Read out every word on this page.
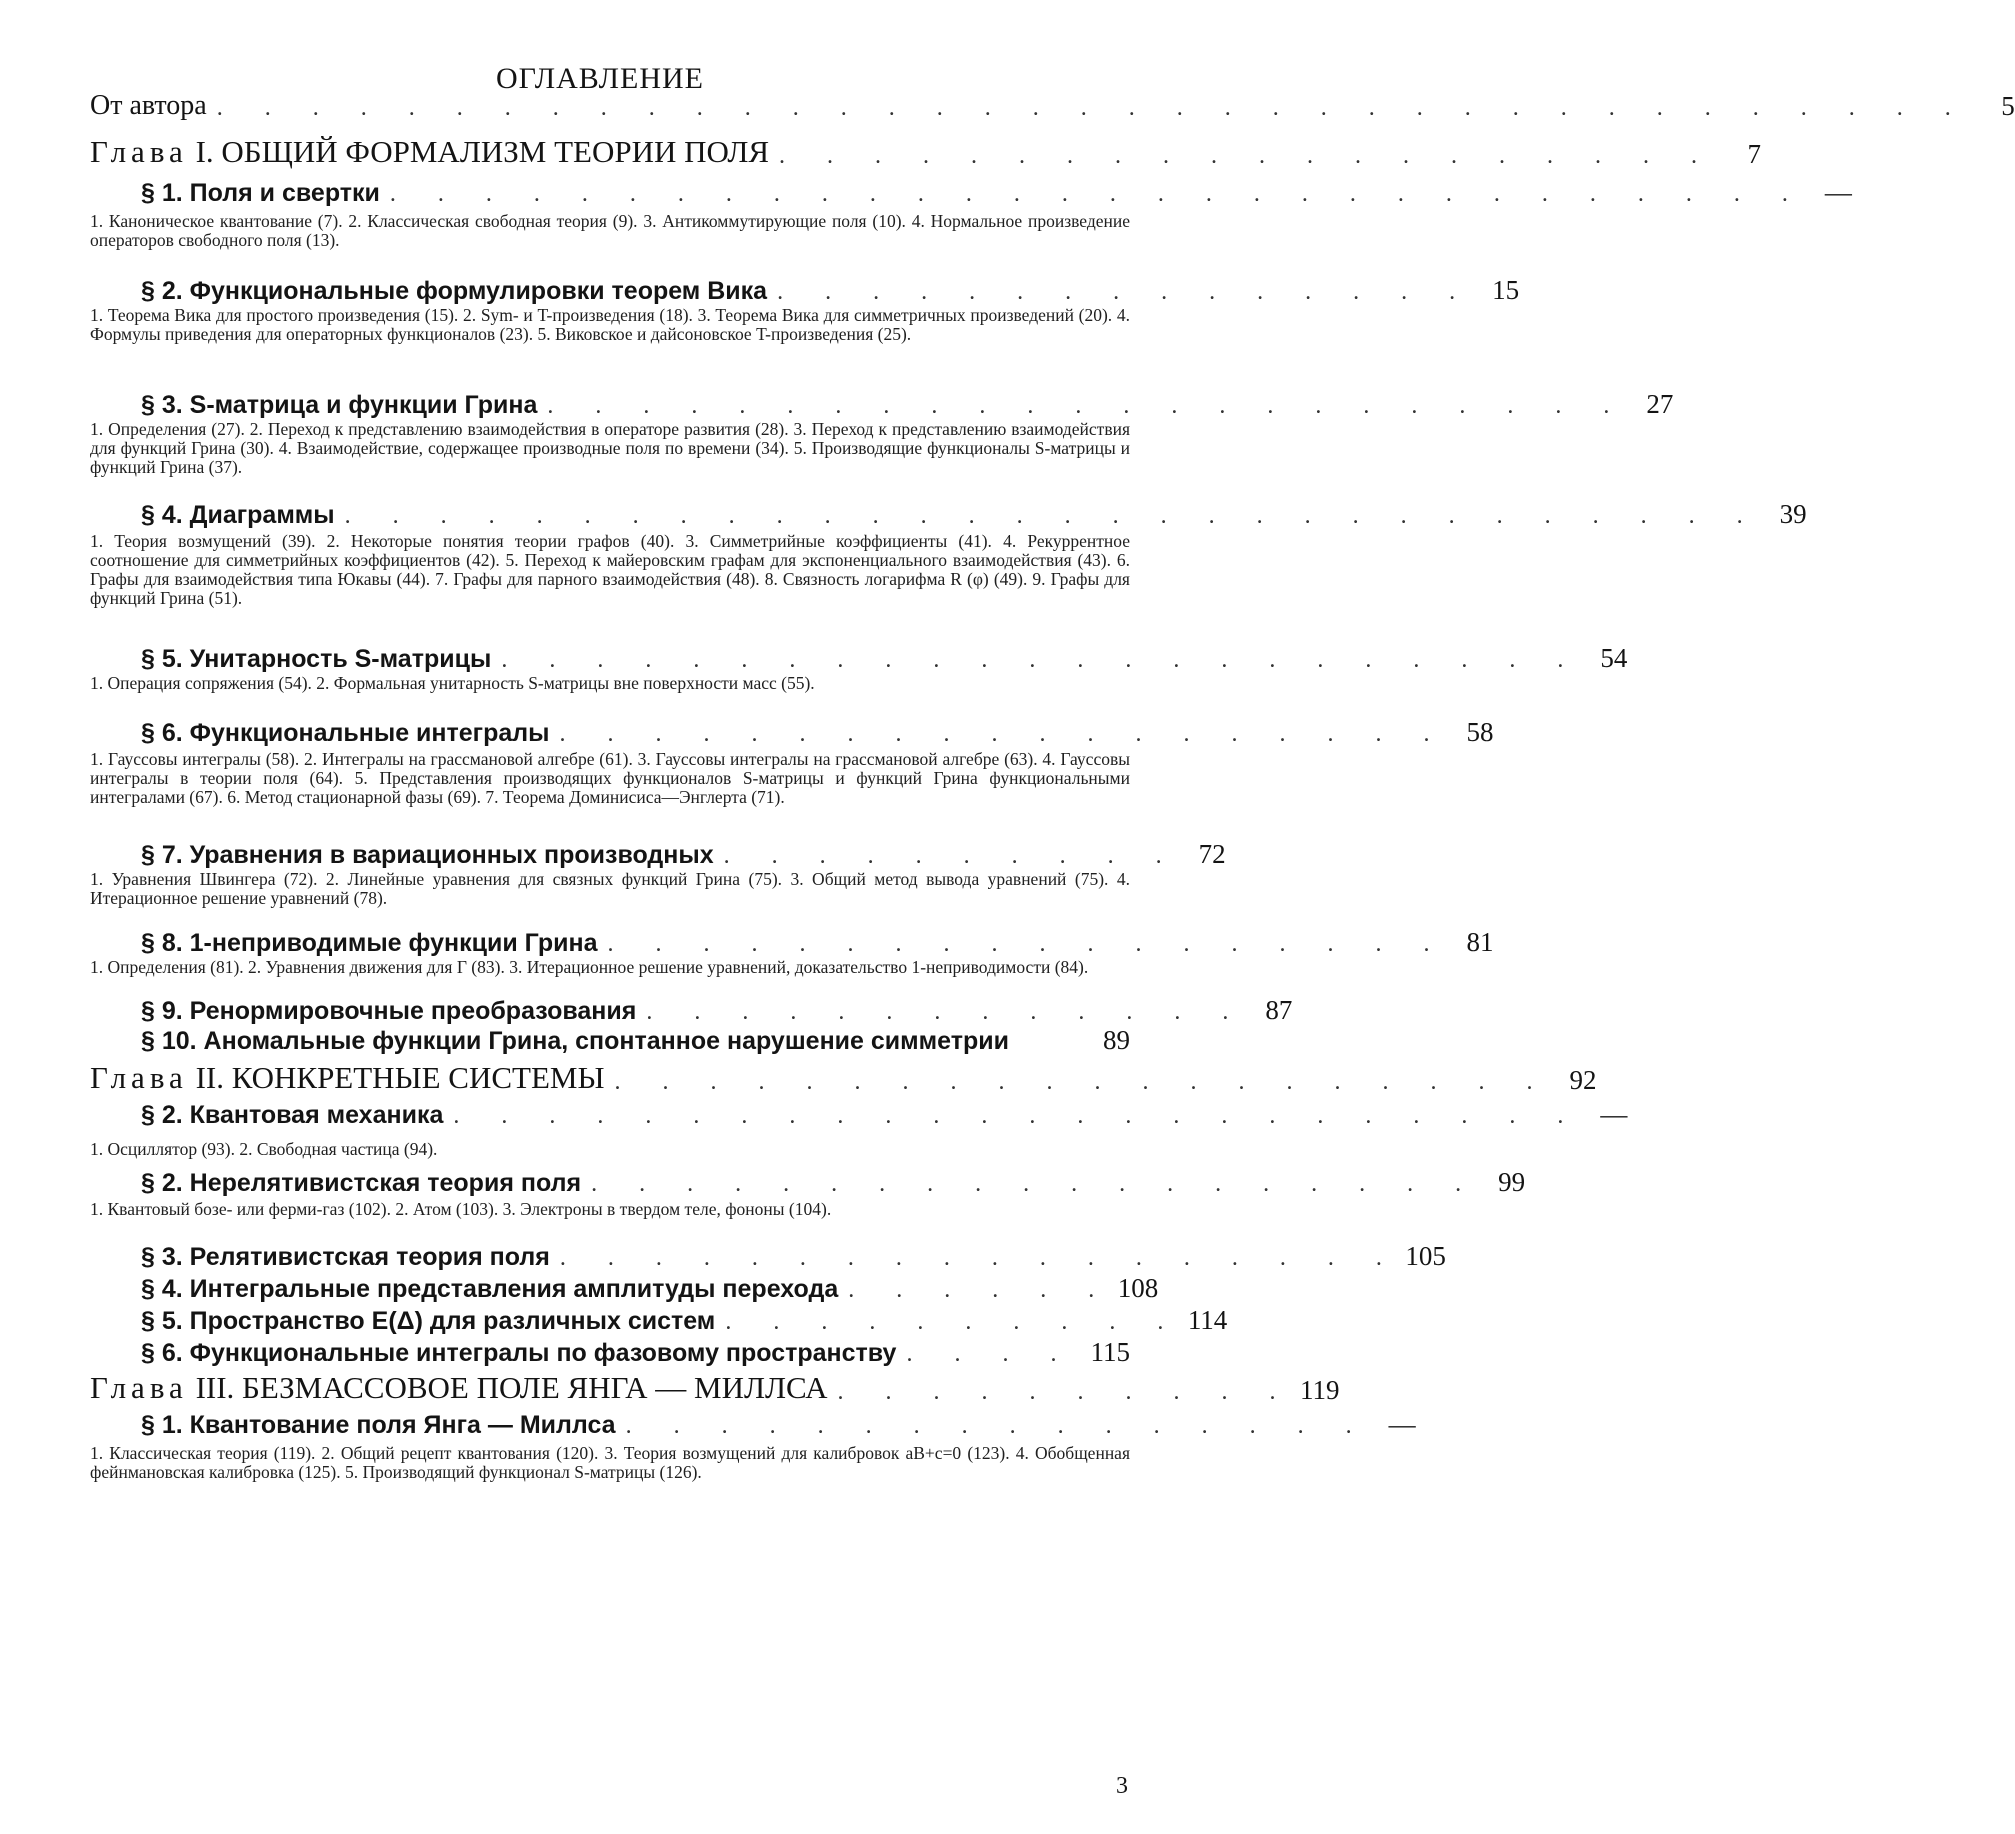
ОГЛАВЛЕНИЕ
От автора . . . . . . . . . . . . . . . . . . . . . . . . . . . . . . . . . . . . .	5
Глава I. ОБЩИЙ ФОРМАЛИЗМ ТЕОРИИ ПОЛЯ . . . . . . . . . . . . . . . . . . . .	7
§ 1. Поля и свертки . . . . . . . . . . . . . . . . . . . . . . . . . . . . . . —
1. Каноническое квантование (7). 2. Классическая свободная теория (9). 3. Антикоммутирующие поля (10). 4. Нормальное произведение операторов свободного поля (13).
§ 2. Функциональные формулировки теорем Вика . . . . . . . . . . . . . . . 15
1. Теорема Вика для простого произведения (15). 2. Sym- и T-произведения (18). 3. Теорема Вика для симметричных произведений (20). 4. Формулы приведения для операторных функционалов (23). 5. Виковское и дайсоновское T-произведения (25).
§ 3. S-матрица и функции Грина . . . . . . . . . . . . . . . . . . . . . . . 27
1. Определения (27). 2. Переход к представлению взаимодействия в операторе развития (28). 3. Переход к представлению взаимодействия для функций Грина (30). 4. Взаимодействие, содержащее производные поля по времени (34). 5. Производящие функционалы S-матрицы и функций Грина (37).
§ 4. Диаграммы . . . . . . . . . . . . . . . . . . . . . . . . . . . . . . 39
1. Теория возмущений (39). 2. Некоторые понятия теории графов (40). 3. Симметрийные коэффициенты (41). 4. Рекуррентное соотношение для симметрийных коэффициентов (42). 5. Переход к майеровским графам для экспоненциального взаимодействия (43). 6. Графы для взаимодействия типа Юкавы (44). 7. Графы для парного взаимодействия (48). 8. Связность логарифма R (φ) (49). 9. Графы для функций Грина (51).
§ 5. Унитарность S-матрицы . . . . . . . . . . . . . . . . . . . . . . . 54
1. Операция сопряжения (54). 2. Формальная унитарность S-матрицы вне поверхности масс (55).
§ 6. Функциональные интегралы . . . . . . . . . . . . . . . . . . . 58
1. Гауссовы интегралы (58). 2. Интегралы на грассмановой алгебре (61). 3. Гауссовы интегралы на грассмановой алгебре (63). 4. Гауссовы интегралы в теории поля (64). 5. Представления производящих функционалов S-матрицы и функций Грина функциональными интегралами (67). 6. Метод стационарной фазы (69). 7. Теорема Доминисиса—Энглерта (71).
§ 7. Уравнения в вариационных производных . . . . . . . . . . 72
1. Уравнения Швингера (72). 2. Линейные уравнения для связных функций Грина (75). 3. Общий метод вывода уравнений (75). 4. Итерационное решение уравнений (78).
§ 8. 1-неприводимые функции Грина . . . . . . . . . . . . . . . . . . 81
1. Определения (81). 2. Уравнения движения для Г (83). 3. Итерационное решение уравнений, доказательство 1-неприводимости (84).
§ 9. Ренормировочные преобразования . . . . . . . . . . . . . 87
§ 10. Аномальные функции Грина, спонтанное нарушение симметрии	89
Глава II. КОНКРЕТНЫЕ СИСТЕМЫ . . . . . . . . . . . . . . . . . . . . 92
§ 2. Квантовая механика . . . . . . . . . . . . . . . . . . . . . . . . —
1. Осциллятор (93). 2. Свободная частица (94).
§ 2. Нерелятивистская теория поля . . . . . . . . . . . . . . . . . . . 99
1. Квантовый бозе- или ферми-газ (102). 2. Атом (103). 3. Электроны в твердом теле, фононы (104).
§ 3. Релятивистская теория поля . . . . . . . . . . . . . . . . . . 105
§ 4. Интегральные представления амплитуды перехода . . . . . . 108
§ 5. Пространство E(Δ) для различных систем . . . . . . . . . . 114
§ 6. Функциональные интегралы по фазовому пространству . . . . 115
Глава III. БЕЗМАССОВОЕ ПОЛЕ ЯНГА — МИЛЛСА . . . . . . . . . . 119
§ 1. Квантование поля Янга — Миллса . . . . . . . . . . . . . . . . —
1. Классическая теория (119). 2. Общий рецепт квантования (120). 3. Теория возмущений для калибровок aB+c=0 (123). 4. Обобщенная фейнмановская калибровка (125). 5. Производящий функционал S-матрицы (126).
3
